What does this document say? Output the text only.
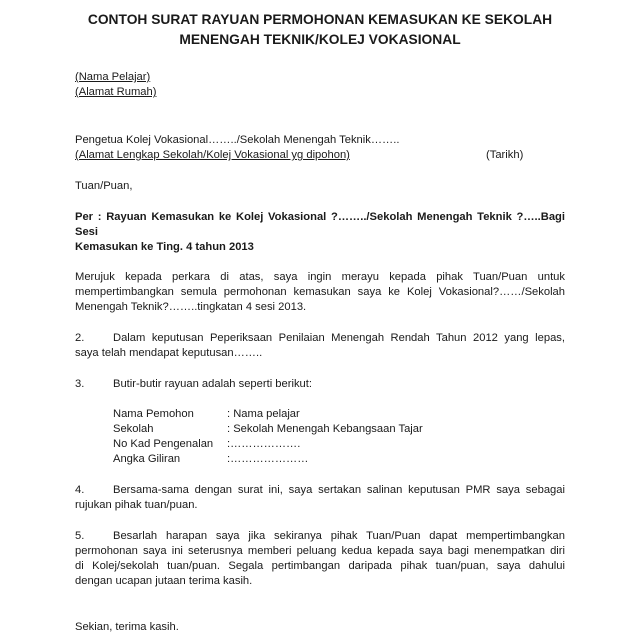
CONTOH SURAT RAYUAN PERMOHONAN KEMASUKAN KE SEKOLAH
MENENGAH TEKNIK/KOLEJ VOKASIONAL
(Nama Pelajar)
(Alamat Rumah)
Pengetua Kolej Vokasional……../Sekolah Menengah Teknik……..
(Alamat Lengkap Sekolah/Kolej Vokasional yg dipohon)	(Tarikh)
Tuan/Puan,
Per : Rayuan Kemasukan ke Kolej Vokasional ?……../Sekolah Menengah Teknik ?…..Bagi Sesi
Kemasukan ke Ting. 4 tahun 2013
Merujuk kepada perkara di atas, saya ingin merayu kepada pihak Tuan/Puan untuk
mempertimbangkan semula permohonan kemasukan saya ke Kolej Vokasional?……/Sekolah
Menengah Teknik?……..tingkatan 4 sesi 2013.
2.	Dalam keputusan Peperiksaan Penilaian Menengah Rendah Tahun 2012 yang lepas,
saya telah mendapat keputusan……..
3.	Butir-butir rayuan adalah seperti berikut:
Nama Pemohon	: Nama pelajar
Sekolah	: Sekolah Menengah Kebangsaan Tajar
No Kad Pengenalan	:……………….
Angka Giliran	:…………………
4.	Bersama-sama dengan surat ini, saya sertakan salinan keputusan PMR saya sebagai
rujukan pihak tuan/puan.
5.	Besarlah harapan saya jika sekiranya pihak Tuan/Puan dapat mempertimbangkan
permohonan saya ini seterusnya memberi peluang kedua kepada saya bagi menempatkan diri
di Kolej/sekolah tuan/puan. Segala pertimbangan daripada pihak tuan/puan, saya dahului
dengan ucapan jutaan terima kasih.
Sekian, terima kasih.
